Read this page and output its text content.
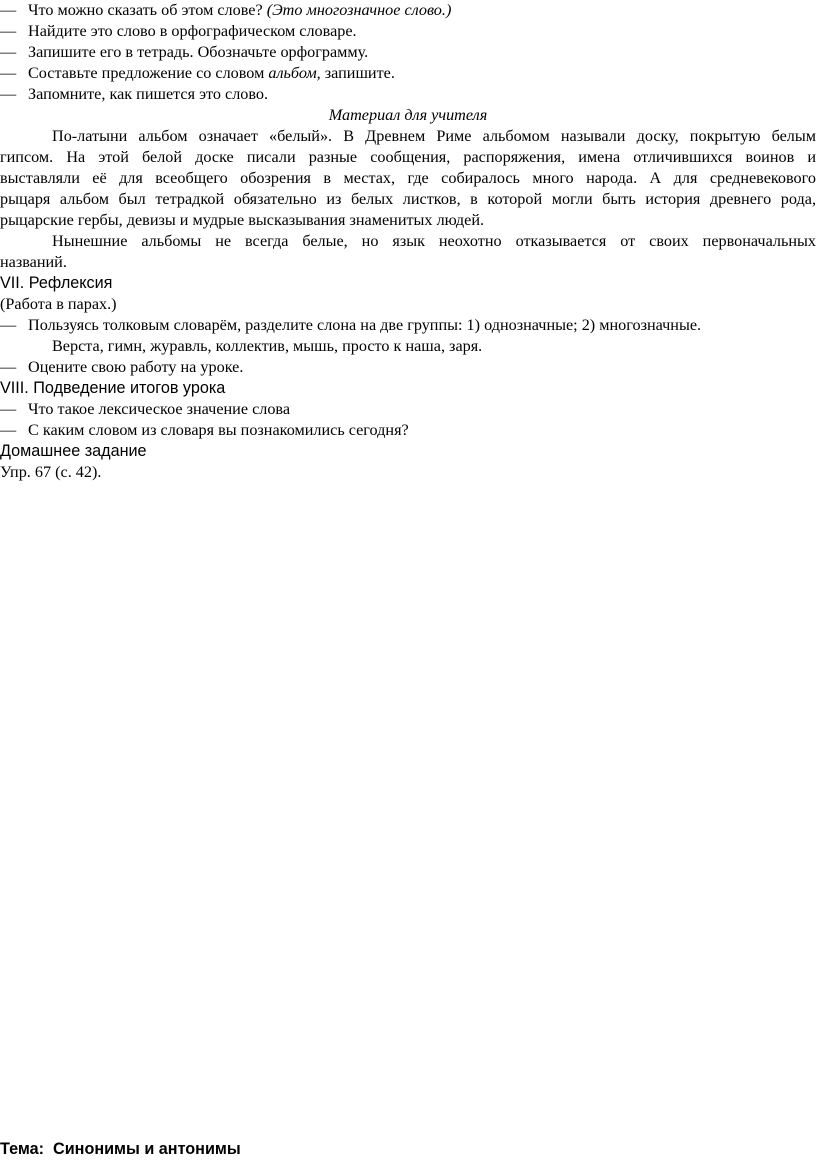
— Что можно сказать об этом слове? (Это многозначное слово.)
— Найдите это слово в орфографическом словаре.
— Запишите его в тетрадь. Обозначьте орфограмму.
— Составьте предложение со словом альбом, запишите.
— Запомните, как пишется это слово.
Материал для учителя
По-латыни альбом означает «белый». В Древнем Риме альбомом называли доску, покрытую белым
гипсом. На этой белой доске писали разные сообщения, распоряжения, имена отличившихся воинов и
выставляли её для всеобщего обозрения в местах, где собиралось много народа. А для средневекового
рыцаря альбом был тетрадкой обязательно из белых листков, в которой могли быть история древнего рода,
рыцарские гербы, девизы и мудрые высказывания знаменитых людей.
Нынешние альбомы не всегда белые, но язык неохотно отказывается от своих первоначальных
названий.
VII. Рефлексия
(Работа в парах.)
— Пользуясь толковым словарём, разделите слона на две группы: 1) однозначные; 2) многозначные.
Верста, гимн, журавль, коллектив, мышь, просто к наша, заря.
— Оцените свою работу на уроке.
VIII. Подведение итогов урока
— Что такое лексическое значение слова
— С каким словом из словаря вы познакомились сегодня?
Домашнее задание
Упр. 67 (с. 42).
Тема:  Синонимы и антонимы
